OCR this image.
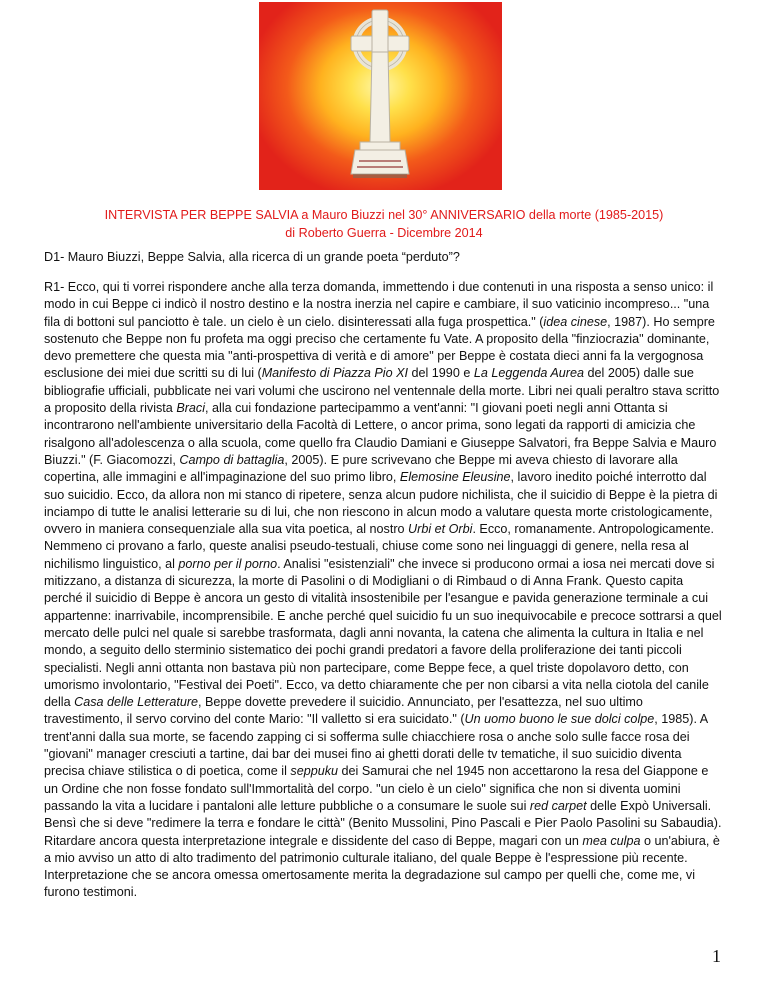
INTERVISTA PER BEPPE SALVIA a Mauro Biuzzi nel 30° ANNIVERSARIO della morte (1985-2015)
di Roberto Guerra - Dicembre 2014

D1- Mauro Biuzzi, Beppe Salvia, alla ricerca di un grande poeta “perduto”?

R1- Ecco, qui ti vorrei rispondere anche alla terza domanda, immettendo i due contenuti in una risposta a senso unico: il modo in cui Beppe ci indicò il nostro destino e la nostra inerzia nel capire e cambiare, il suo vaticinio incompreso... "una fila di bottoni sul panciotto è tale. un cielo è un cielo. disinteressati alla fuga prospettica." (idea cinese, 1987). Ho sempre sostenuto che Beppe non fu profeta ma oggi preciso che certamente fu Vate. A proposito della "finziocrazia" dominante, devo premettere che questa mia "anti-prospettiva di verità e di amore" per Beppe è costata dieci anni fa la vergognosa esclusione dei miei due scritti su di lui (Manifesto di Piazza Pio XI del 1990 e La Leggenda Aurea del 2005) dalle sue bibliografie ufficiali, pubblicate nei vari volumi che uscirono nel ventennale della morte. Libri nei quali peraltro stava scritto a proposito della rivista Braci, alla cui fondazione partecipammo a vent'anni: "I giovani poeti negli anni Ottanta si incontrarono nell'ambiente universitario della Facoltà di Lettere, o ancor prima, sono legati da rapporti di amicizia che risalgono all'adolescenza o alla scuola, come quello fra Claudio Damiani e Giuseppe Salvatori, fra Beppe Salvia e Mauro Biuzzi." (F. Giacomozzi, Campo di battaglia, 2005). E pure scrivevano che Beppe mi aveva chiesto di lavorare alla copertina, alle immagini e all'impaginazione del suo primo libro, Elemosine Eleusine, lavoro inedito poiché interrotto dal suo suicidio. Ecco, da allora non mi stanco di ripetere, senza alcun pudore nichilista, che il suicidio di Beppe è la pietra di inciampo di tutte le analisi letterarie su di lui, che non riescono in alcun modo a valutare questa morte cristologicamente, ovvero in maniera consequenziale alla sua vita poetica, al nostro Urbi et Orbi. Ecco, romanamente. Antropologicamente. Nemmeno ci provano a farlo, queste analisi pseudo-testuali, chiuse come sono nei linguaggi di genere, nella resa al nichilismo linguistico, al porno per il porno. Analisi "esistenziali" che invece si producono ormai a iosa nei mercati dove si mitizzano, a distanza di sicurezza, la morte di Pasolini o di Modigliani o di Rimbaud o di Anna Frank. Questo capita perché il suicidio di Beppe è ancora un gesto di vitalità insostenibile per l'esangue e pavida generazione terminale a cui appartenne: inarrivabile, incomprensibile. E anche perché quel suicidio fu un suo inequivocabile e precoce sottrarsi a quel mercato delle pulci nel quale si sarebbe trasformata, dagli anni novanta, la catena che alimenta la cultura in Italia e nel mondo, a seguito dello sterminio sistematico dei pochi grandi predatori a favore della proliferazione dei tanti piccoli specialisti. Negli anni ottanta non bastava più non partecipare, come Beppe fece, a quel triste dopolavoro detto, con umorismo involontario, "Festival dei Poeti". Ecco, va detto chiaramente che per non cibarsi a vita nella ciotola del canile della Casa delle Letterature, Beppe dovette prevedere il suicidio. Annunciato, per l'esattezza, nel suo ultimo travestimento, il servo corvino del conte Mario: "Il valletto si era suicidato." (Un uomo buono le sue dolci colpe, 1985). A trent'anni dalla sua morte, se facendo zapping ci si sofferma sulle chiacchiere rosa o anche solo sulle facce rosa dei "giovani" manager cresciuti a tartine, dai bar dei musei fino ai ghetti dorati delle tv tematiche, il suo suicidio diventa precisa chiave stilistica o di poetica, come il seppuku dei Samurai che nel 1945 non accettarono la resa del Giappone e un Ordine che non fosse fondato sull'Immortalità del corpo. "un cielo è un cielo" significa che non si diventa uomini passando la vita a lucidare i pantaloni alle letture pubbliche o a consumare le suole sui red carpet delle Expò Universali. Bensì che si deve "redimere la terra e fondare le città" (Benito Mussolini, Pino Pascali e Pier Paolo Pasolini su Sabaudia). Ritardare ancora questa interpretazione integrale e dissidente del caso di Beppe, magari con un mea culpa o un'abiura, è a mio avviso un atto di alto tradimento del patrimonio culturale italiano, del quale Beppe è l'espressione più recente. Interpretazione che se ancora omessa omertosamente merita la degradazione sul campo per quelli che, come me, vi furono testimoni.

1
